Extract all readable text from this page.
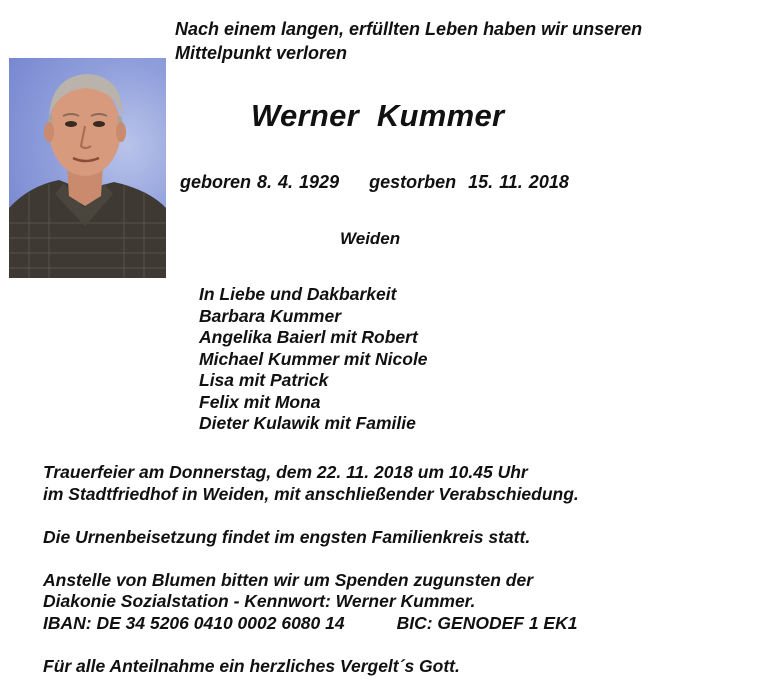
Nach einem langen, erfüllten Leben haben wir unseren
Mittelpunkt verloren
Werner  Kummer
geboren 8. 4. 1929     gestorben  15. 11. 2018
Weiden
In Liebe und Dakbarkeit
Barbara Kummer
Angelika Baierl mit Robert
Michael Kummer mit Nicole
Lisa mit Patrick
Felix mit Mona
Dieter Kulawik mit Familie
Trauerfeier am Donnerstag, dem 22. 11. 2018 um 10.45 Uhr
im Stadtfriedhof in Weiden, mit anschließender Verabschiedung.
Die Urnenbeisetzung findet im engsten Familienkreis statt.
Anstelle von Blumen bitten wir um Spenden zugunsten der
Diakonie Sozialstation - Kennwort: Werner Kummer.
IBAN: DE 34 5206 0410 0002 6080 14	BIC: GENODEF 1 EK1
Für alle Anteilnahme ein herzliches Vergelt´s Gott.
